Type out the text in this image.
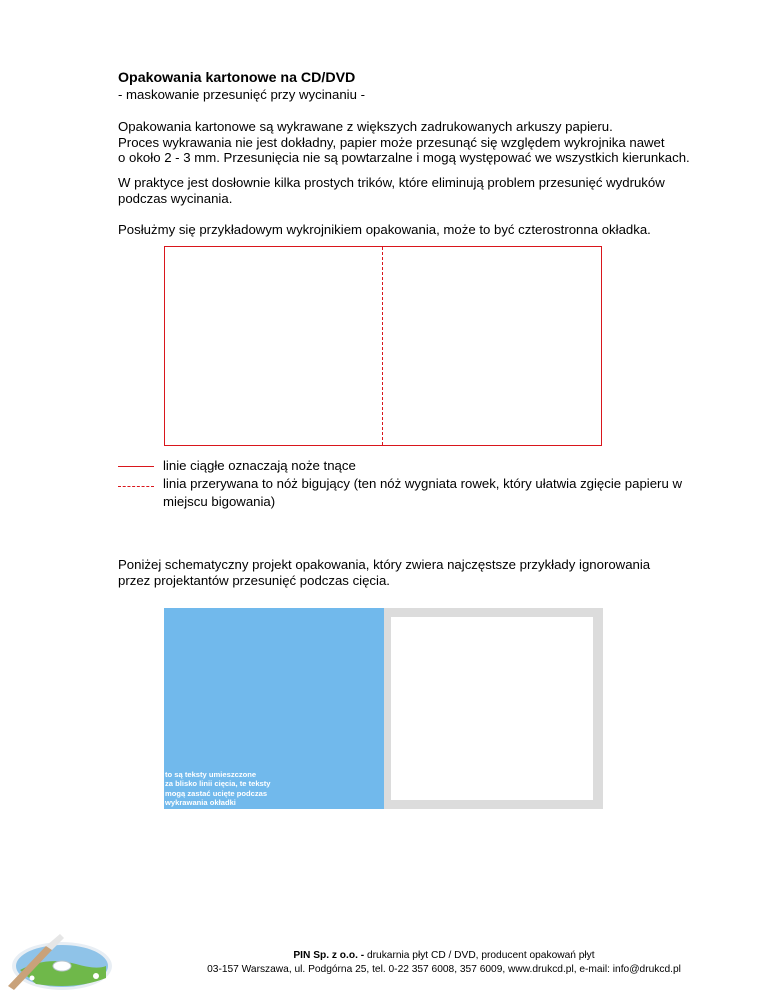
Opakowania kartonowe na CD/DVD
- maskowanie przesunięć przy wycinaniu -
Opakowania kartonowe są wykrawane z większych zadrukowanych arkuszy papieru.
Proces wykrawania nie jest dokładny, papier może przesunąć się względem wykrojnika nawet
o około 2 - 3 mm. Przesunięcia nie są powtarzalne i mogą występować we wszystkich kierunkach.
W praktyce jest dosłownie kilka prostych trików, które eliminują problem przesunięć wydruków
podczas wycinania.
Posłużmy się przykładowym wykrojnikiem opakowania, może to być czterostronna okładka.
linie ciągłe oznaczają noże tnące
linia przerywana to nóż bigujący (ten nóż wygniata rowek, który ułatwia zgięcie papieru w miejscu bigowania)
Poniżej schematyczny projekt opakowania, który zwiera najczęstsze przykłady ignorowania
przez projektantów przesunięć podczas cięcia.
to są teksty umieszczone
za blisko linii cięcia, te teksty
mogą zastać ucięte podczas
wykrawania okładki
PIN Sp. z o.o. - drukarnia płyt CD / DVD, producent opakowań płyt
03-157 Warszawa, ul. Podgórna 25, tel. 0-22 357 6008, 357 6009, www.drukcd.pl, e-mail: info@drukcd.pl
